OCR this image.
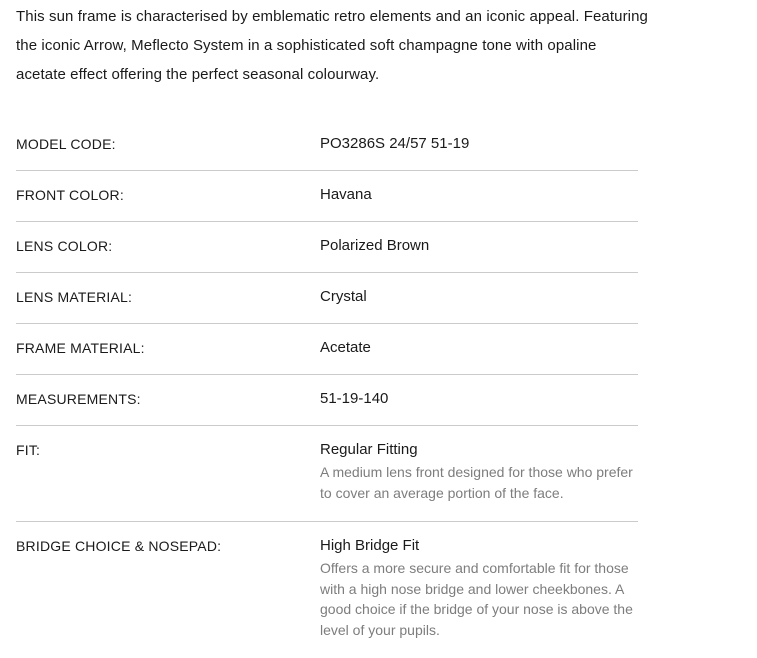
This sun frame is characterised by emblematic retro elements and an iconic appeal. Featuring the iconic Arrow, Meflecto System in a sophisticated soft champagne tone with opaline acetate effect offering the perfect seasonal colourway.

MODEL CODE:	PO3286S 24/57 51-19
FRONT COLOR:	Havana
LENS COLOR:	Polarized Brown
LENS MATERIAL:	Crystal
FRAME MATERIAL:	Acetate
MEASUREMENTS:	51-19-140
FIT:	Regular Fitting
A medium lens front designed for those who prefer to cover an average portion of the face.
BRIDGE CHOICE & NOSEPAD:	High Bridge Fit
Offers a more secure and comfortable fit for those with a high nose bridge and lower cheekbones. A good choice if the bridge of your nose is above the level of your pupils.
